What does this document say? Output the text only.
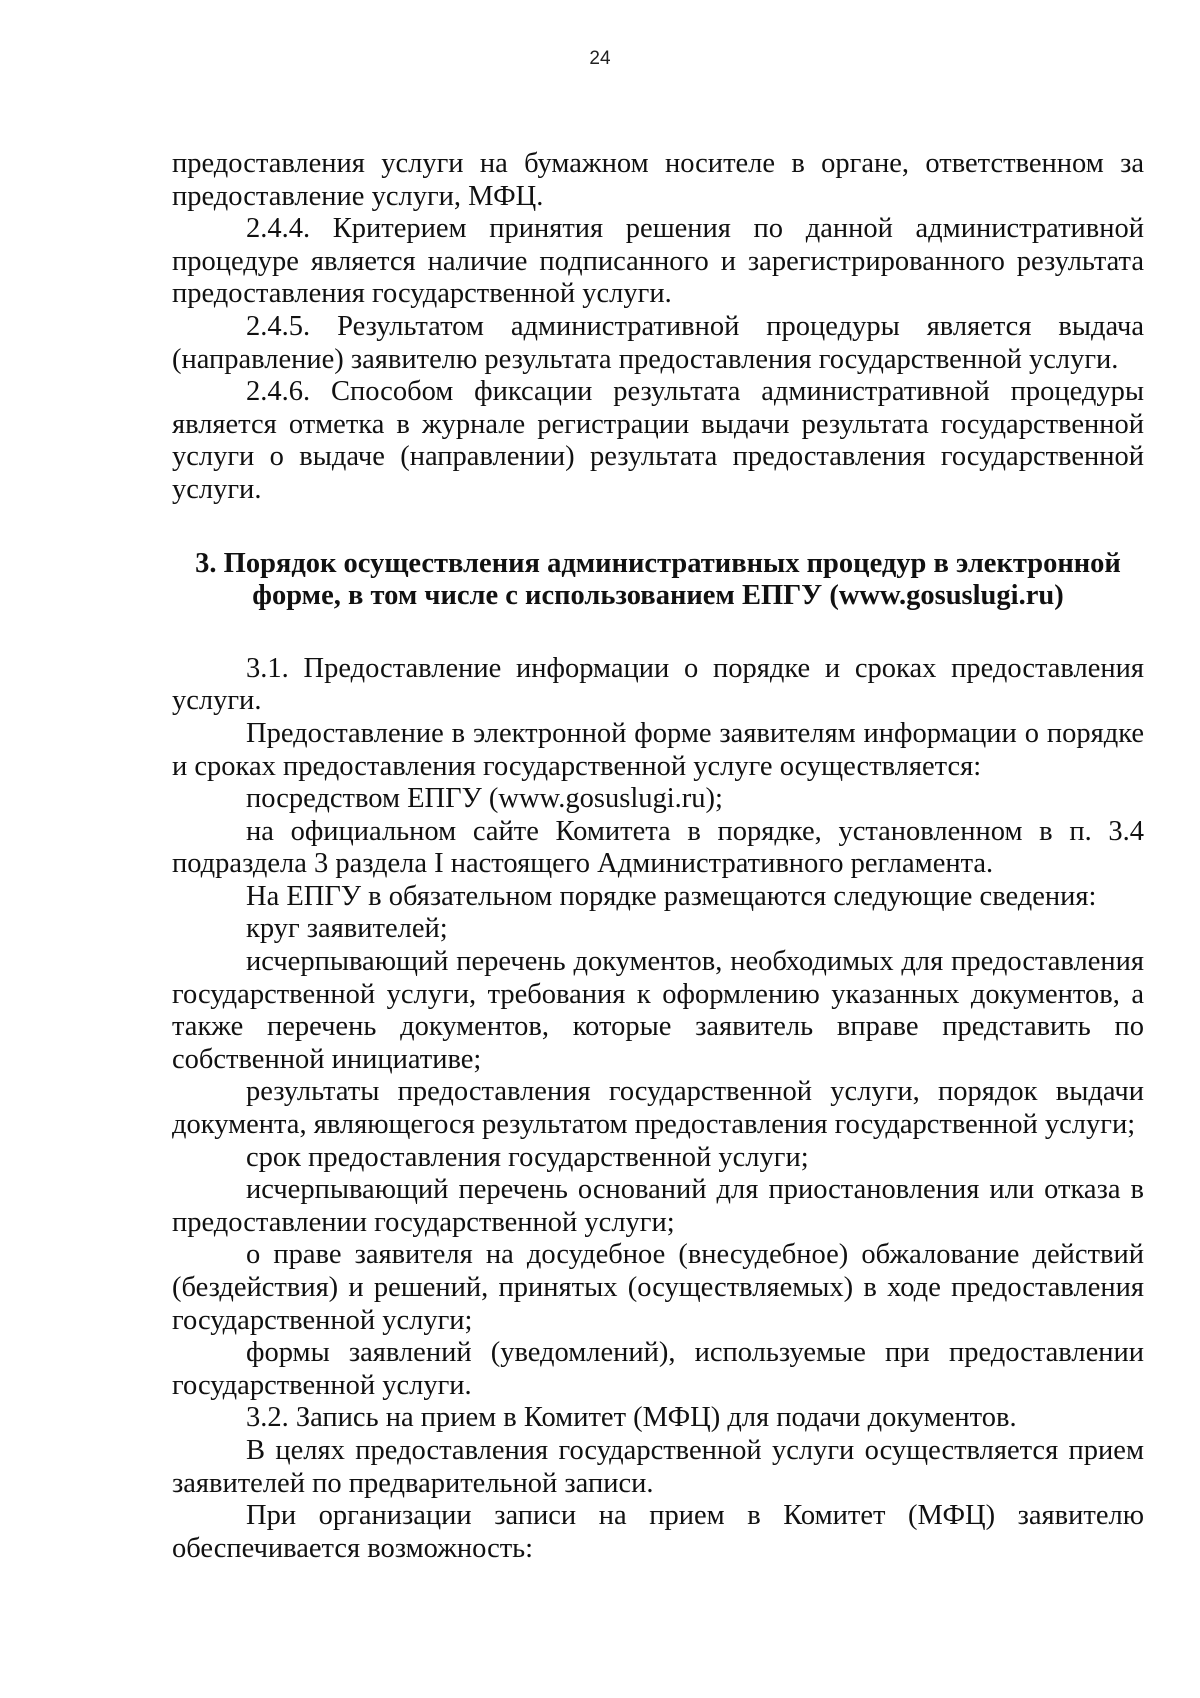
24

предоставления услуги на бумажном носителе в органе, ответственном за предоставление услуги, МФЦ.

2.4.4. Критерием принятия решения по данной административной процедуре является наличие подписанного и зарегистрированного результата предоставления государственной услуги.

2.4.5. Результатом административной процедуры является выдача (направление) заявителю результата предоставления государственной услуги.

2.4.6. Способом фиксации результата административной процедуры является отметка в журнале регистрации выдачи результата государственной услуги о выдаче (направлении) результата предоставления государственной услуги.

3. Порядок осуществления административных процедур в электронной форме, в том числе с использованием ЕПГУ (www.gosuslugi.ru)

3.1. Предоставление информации о порядке и сроках предоставления услуги.

Предоставление в электронной форме заявителям информации о порядке и сроках предоставления государственной услуге осуществляется:

посредством ЕПГУ (www.gosuslugi.ru);

на официальном сайте Комитета в порядке, установленном в п. 3.4 подраздела 3 раздела I настоящего Административного регламента.

На ЕПГУ в обязательном порядке размещаются следующие сведения:

круг заявителей;

исчерпывающий перечень документов, необходимых для предоставления государственной услуги, требования к оформлению указанных документов, а также перечень документов, которые заявитель вправе представить по собственной инициативе;

результаты предоставления государственной услуги, порядок выдачи документа, являющегося результатом предоставления государственной услуги;

срок предоставления государственной услуги;

исчерпывающий перечень оснований для приостановления или отказа в предоставлении государственной услуги;

о праве заявителя на досудебное (внесудебное) обжалование действий (бездействия) и решений, принятых (осуществляемых) в ходе предоставления государственной услуги;

формы заявлений (уведомлений), используемые при предоставлении государственной услуги.

3.2. Запись на прием в Комитет (МФЦ) для подачи документов.

В целях предоставления государственной услуги осуществляется прием заявителей по предварительной записи.

При организации записи на прием в Комитет (МФЦ) заявителю обеспечивается возможность:
